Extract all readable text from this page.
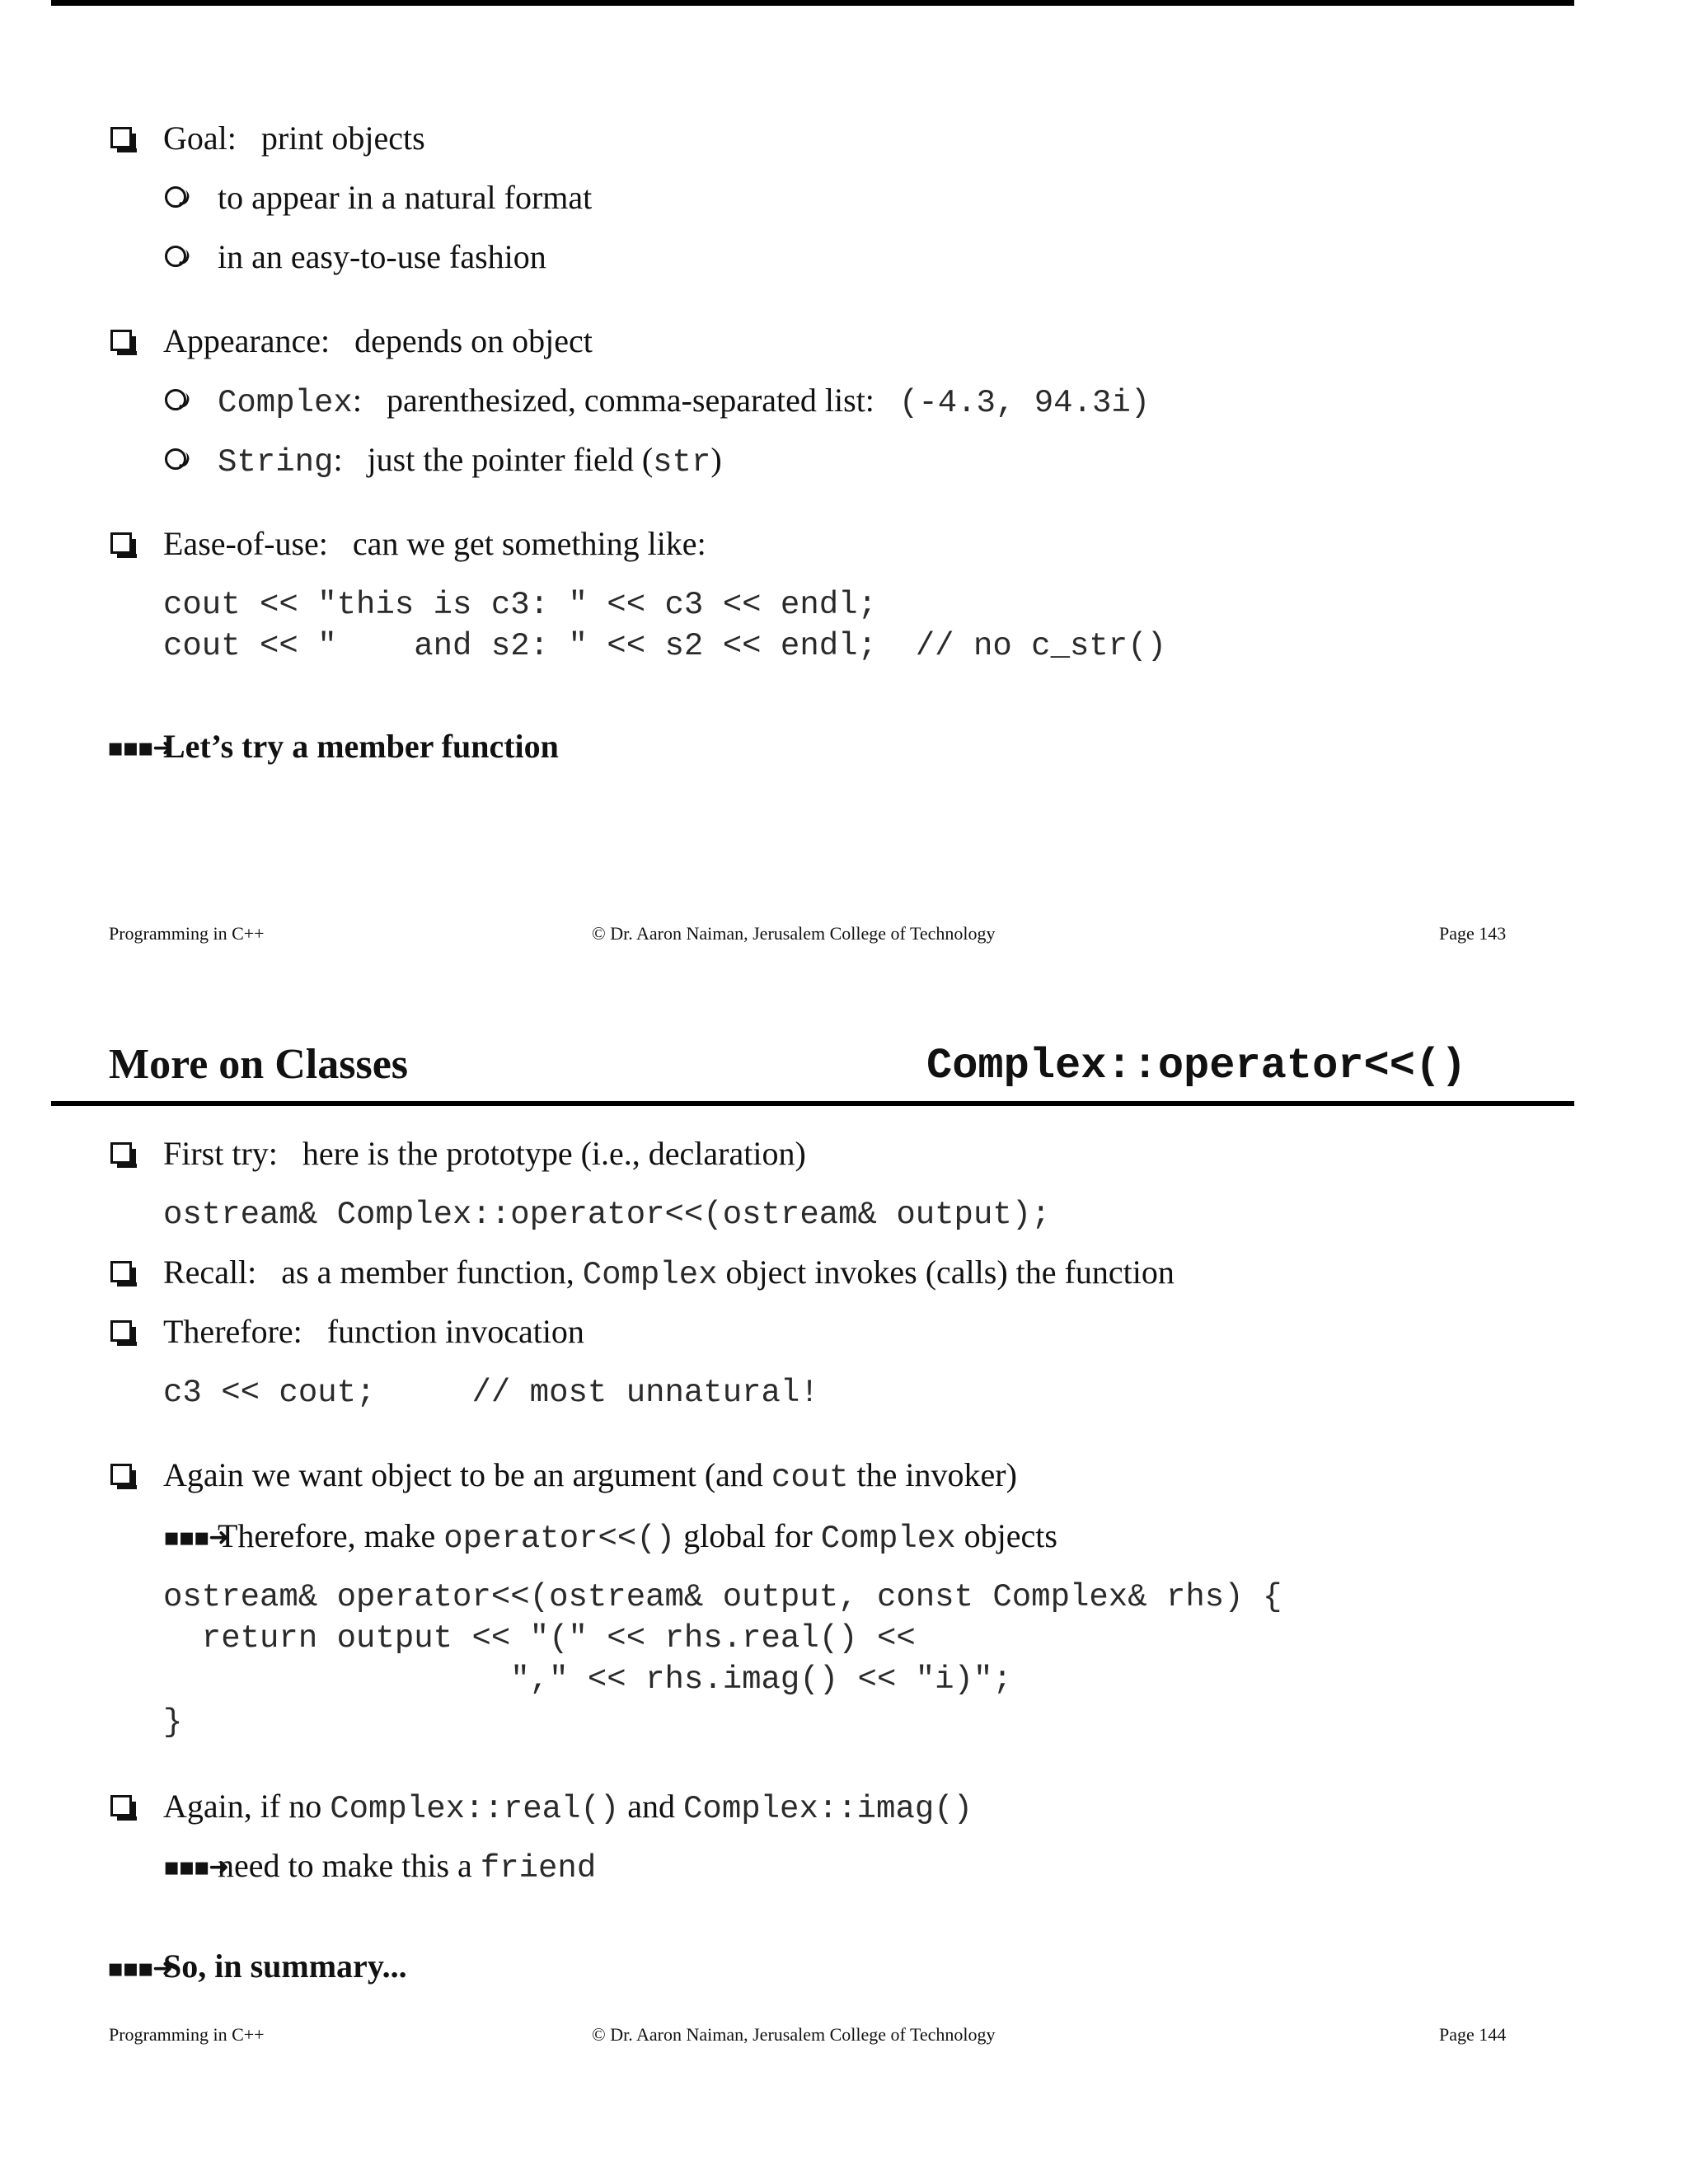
Goal: print objects
to appear in a natural format
in an easy-to-use fashion
Appearance: depends on object
Complex:   parenthesized, comma-separated list:   (-4.3, 94.3i)
String:   just the pointer field (str)
Ease-of-use: can we get something like:
cout << "this is c3: " << c3 << endl;
cout << "    and s2: " << s2 << endl;  // no c_str()
▪▪▪➜
Let’s try a member function
Programming in C++	© Dr. Aaron Naiman, Jerusalem College of Technology	Page 143
More on Classes	Complex::operator<<()
First try: here is the prototype (i.e., declaration)
ostream& Complex::operator<<(ostream& output);
Recall: as a member function, Complex object invokes (calls) the function
Therefore: function invocation
c3 << cout;     // most unnatural!
Again we want object to be an argument (and cout the invoker)
▪▪▪➜
Therefore, make operator<<() global for Complex objects
ostream& operator<<(ostream& output, const Complex& rhs) {
return output << "(" << rhs.real() <<
"," << rhs.imag() << "i)";
}
Again, if no Complex::real() and Complex::imag()
▪▪▪➜
need to make this a friend
▪▪▪➜
So, in summary...
Programming in C++	© Dr. Aaron Naiman, Jerusalem College of Technology	Page 144
